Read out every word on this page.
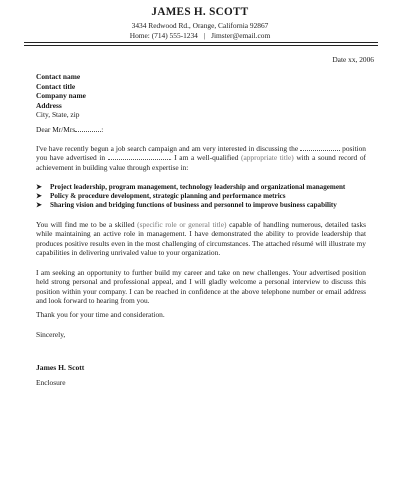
JAMES H. SCOTT
3434 Redwood Rd., Orange, California 92867
Home: (714) 555-1234 | Jimster@email.com
Date xx, 2006
Contact name
Contact title
Company name
Address
City, State, zip
Dear Mr/Mrs	:
I've have recently begun a job search campaign and am very interested in discussing the	position you have advertised in	. I am a well-qualified (appropriate title) with a sound record of achievement in building value through expertise in:
➤ Project leadership, program management, technology leadership and organizational management
➤ Policy & procedure development, strategic planning and performance metrics
➤ Sharing vision and bridging functions of business and personnel to improve business capability
You will find me to be a skilled (specific role or general title) capable of handling numerous, detailed tasks while maintaining an active role in management. I have demonstrated the ability to provide leadership that produces positive results even in the most challenging of circumstances. The attached résumé will illustrate my capabilities in delivering unrivaled value to your organization.
I am seeking an opportunity to further build my career and take on new challenges. Your advertised position held strong personal and professional appeal, and I will gladly welcome a personal interview to discuss this position within your company. I can be reached in confidence at the above telephone number or email address and look forward to hearing from you.
Thank you for your time and consideration.
Sincerely,
James H. Scott
Enclosure
